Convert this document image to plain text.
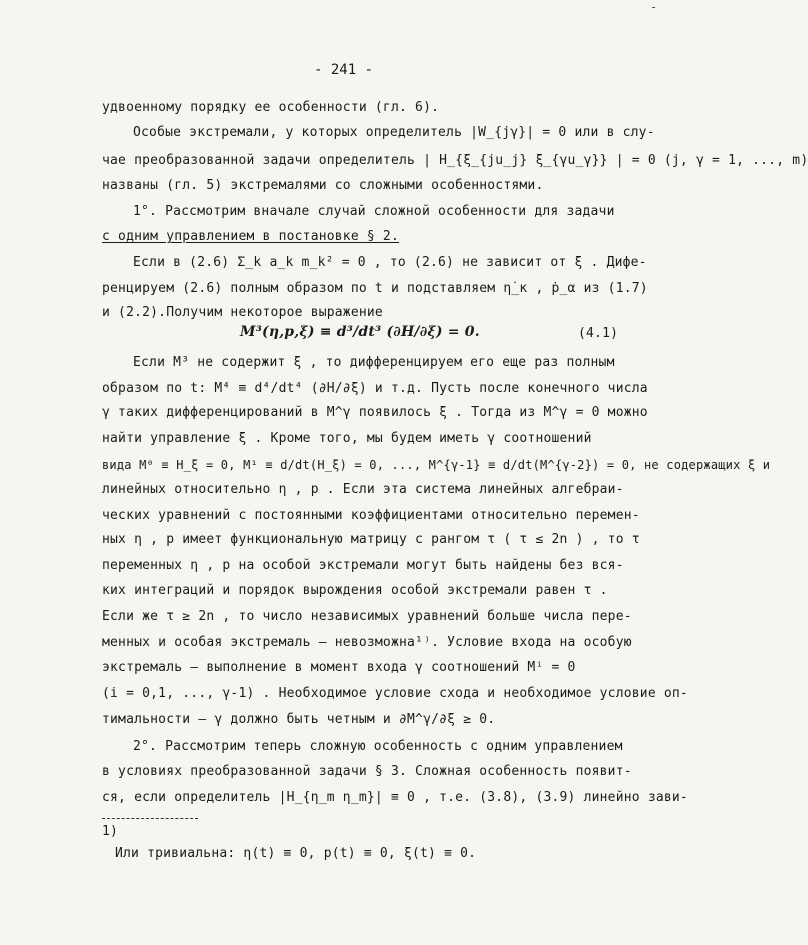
-
- 241 -
удвоенному порядку ее особенности (гл. 6).
Особые экстремали, у которых определитель |W_{jγ}| = 0 или в слу-
чае преобразованной задачи определитель | H_{ξ_{ju_j} ξ_{γu_γ}} | = 0 (j, γ = 1, ..., m)
названы (гл. 5) экстремалями со сложными особенностями.
1°. Рассмотрим вначале случай сложной особенности для задачи
с одним управлением в постановке § 2.
Если в (2.6) Σ_k a_k m_k² = 0 , то (2.6) не зависит от ξ . Дифе-
ренцируем (2.6) полным образом по t и подставляем η̇_κ , ṗ_α из (1.7)
и (2.2).Получим некоторое выражение
M³(η,p,ξ) ≡ d³/dt³ (∂H/∂ξ) = 0.	(4.1)
Если M³ не содержит ξ , то дифференцируем его еще раз полным
образом по t: M⁴ ≡ d⁴/dt⁴ (∂H/∂ξ) и т.д. Пусть после конечного числа
γ таких дифференцирований в M^γ появилось ξ . Тогда из M^γ = 0 можно
найти управление ξ . Кроме того, мы будем иметь γ соотношений
вида M⁰ ≡ H_ξ = 0, M¹ ≡ d/dt(H_ξ) = 0, ..., M^{γ-1} ≡ d/dt(M^{γ-2}) = 0, не содержащих ξ и
линейных относительно η , p . Если эта система линейных алгебраи-
ческих уравнений с постоянными коэффициентами относительно перемен-
ных η , p имеет функциональную матрицу с рангом τ ( τ ≤ 2n ) , то τ
переменных η , p на особой экстремали могут быть найдены без вся-
ких интеграций и порядок вырождения особой экстремали равен τ .
Если же τ ≥ 2n , то число независимых уравнений больше числа пере-
менных и особая экстремаль – невозможна¹⁾. Условие входа на особую
экстремаль – выполнение в момент входа γ соотношений Mⁱ = 0
(i = 0,1, ..., γ-1) . Необходимое условие схода и необходимое условие оп-
тимальности – γ должно быть четным и ∂M^γ/∂ξ ≥ 0.
2°. Рассмотрим теперь сложную особенность с одним управлением
в условиях преобразованной задачи § 3. Сложная особенность появит-
ся, если определитель |H_{η_m η_m}| ≡ 0 , т.е. (3.8), (3.9) линейно зави-
1)
Или тривиальна: η(t) ≡ 0, p(t) ≡ 0, ξ(t) ≡ 0.
